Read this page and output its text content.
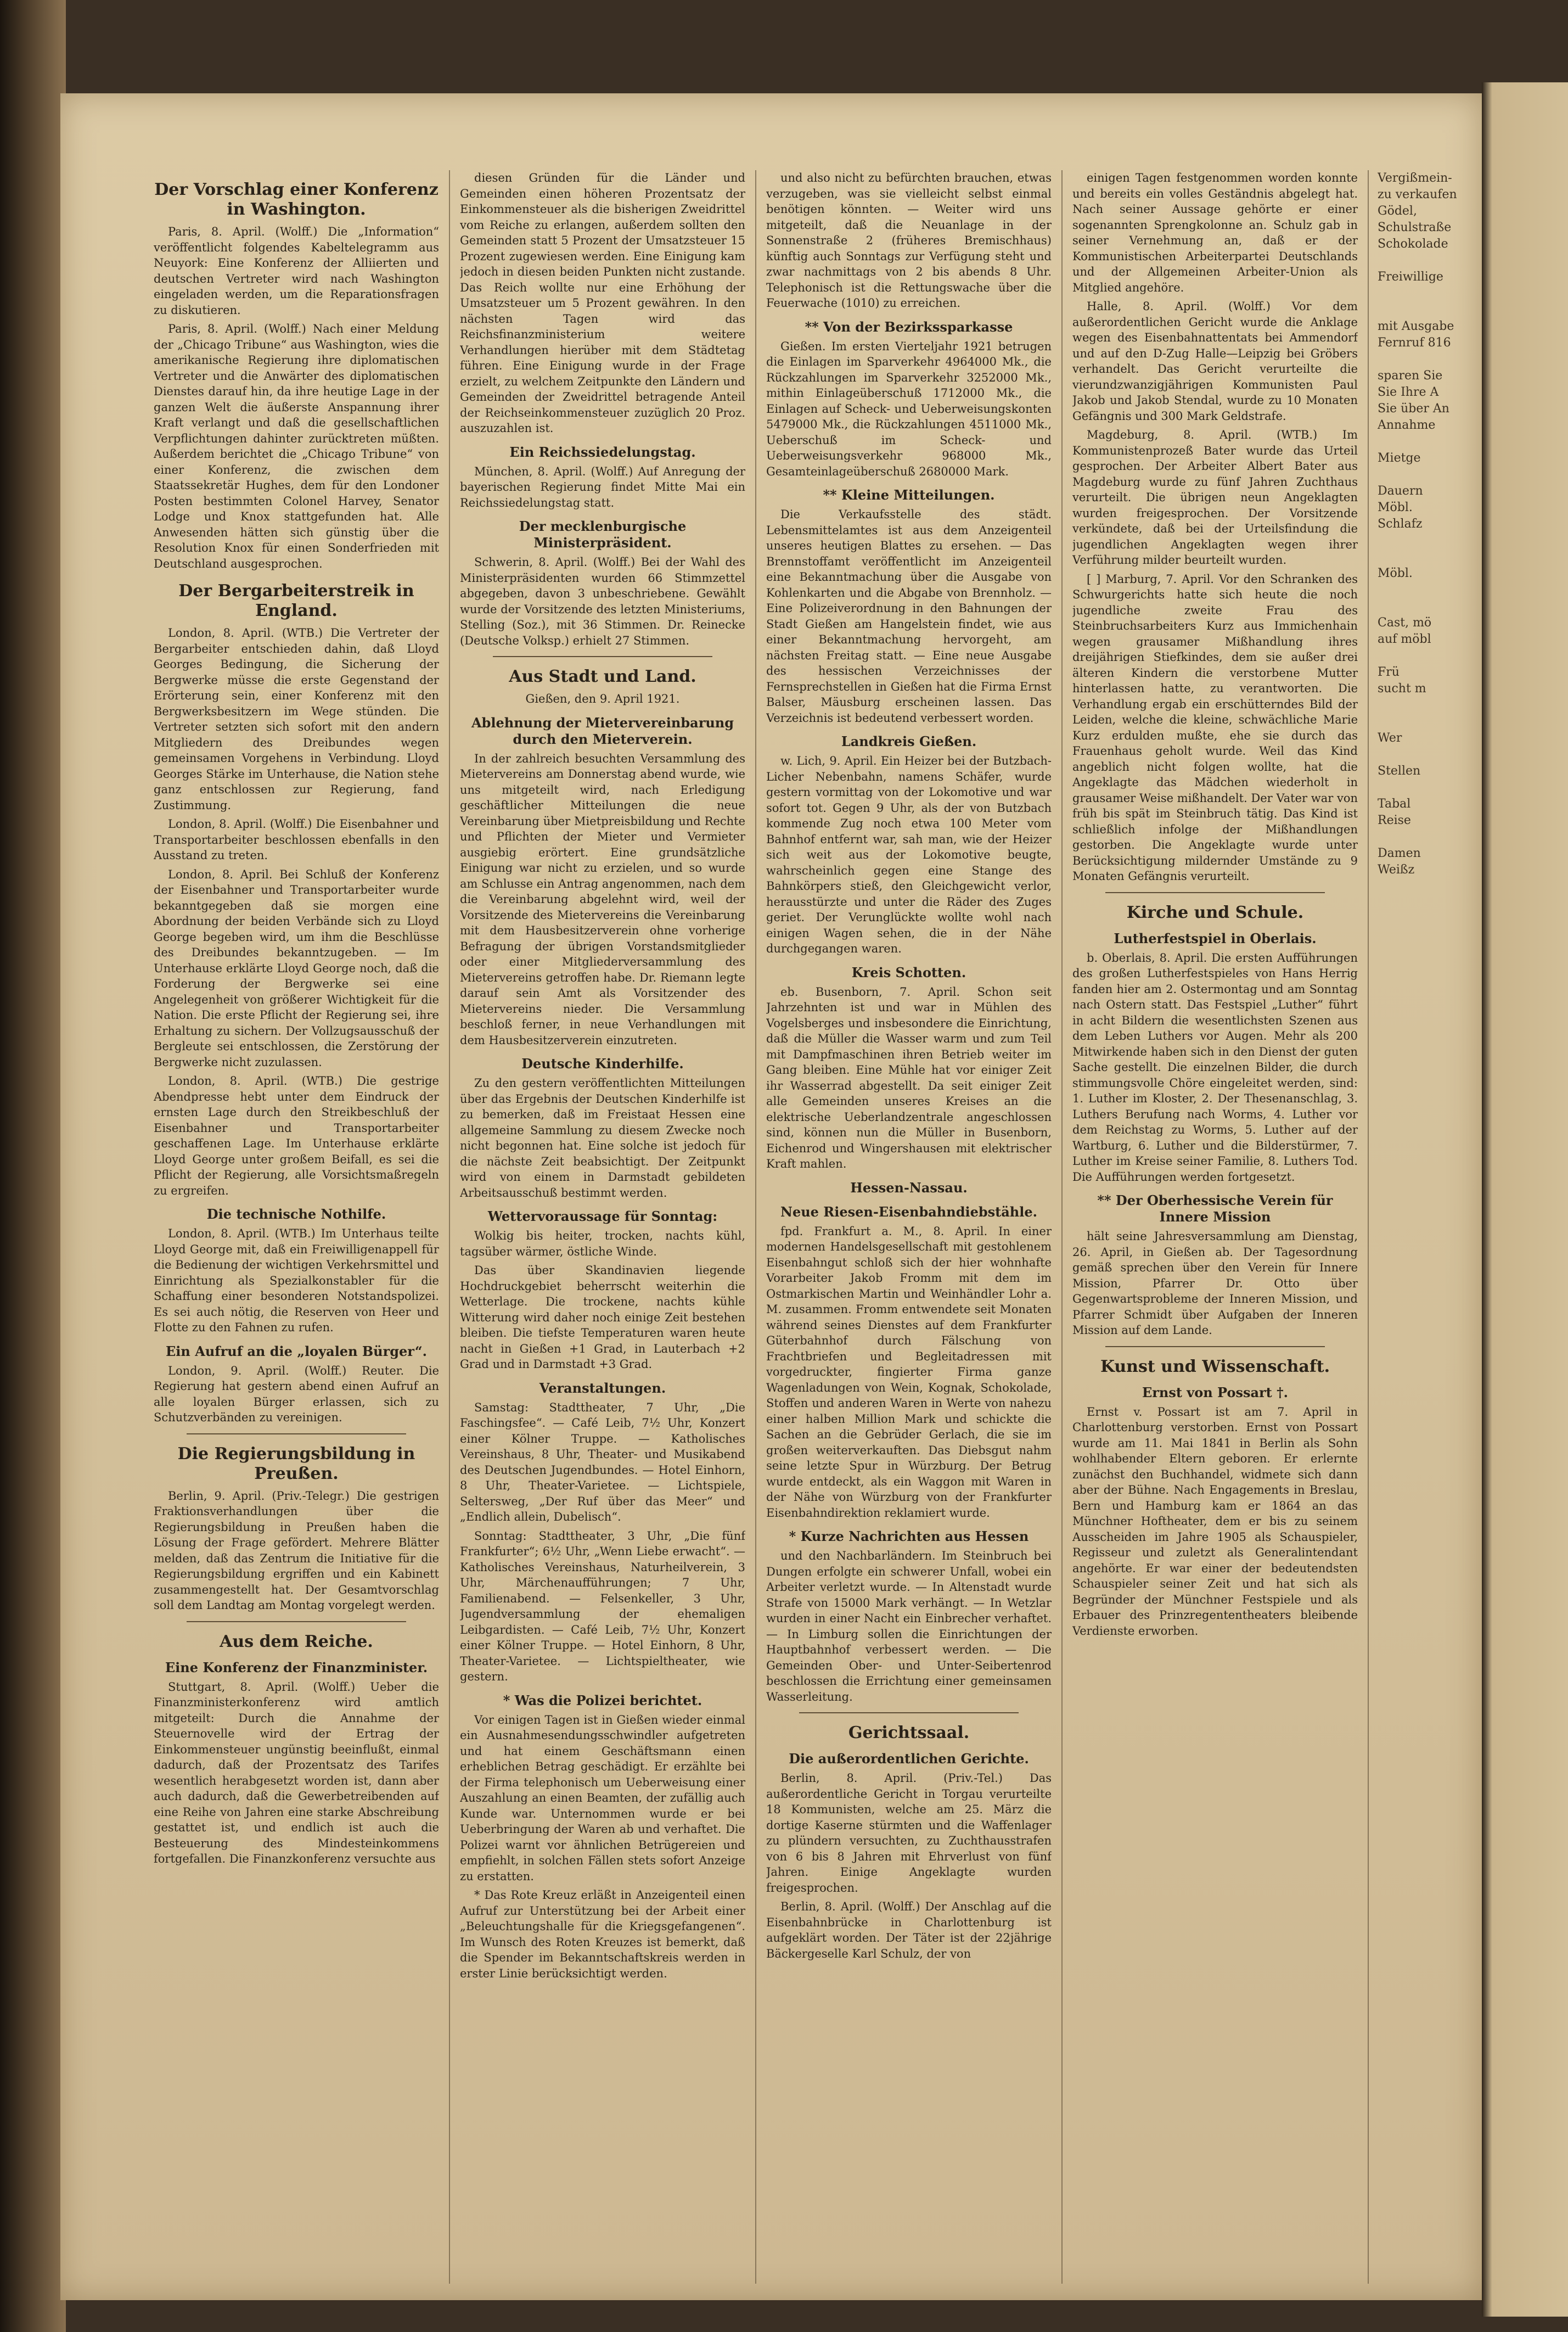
Der Vorschlag einer Konferenz in Washington.

Paris, 8. April. (Wolff.) Die „Information“ veröffentlicht folgendes Kabeltelegramm aus Neuyork: Eine Konferenz der Alliierten und deutschen Vertreter wird nach Washington eingeladen werden, um die Reparationsfragen zu diskutieren.

Paris, 8. April. (Wolff.) Nach einer Meldung der „Chicago Tribune“ aus Washington, wies die amerikanische Regierung ihre diplomatischen Vertreter und die Anwärter des diplomatischen Dienstes darauf hin, da ihre heutige Lage in der ganzen Welt die äußerste Anspannung ihrer Kraft verlangt und daß die gesellschaftlichen Verpflichtungen dahinter zurücktreten müßten. Außerdem berichtet die „Chicago Tribune“ von einer Konferenz, die zwischen dem Staatssekretär Hughes, dem für den Londoner Posten bestimmten Colonel Harvey, Senator Lodge und Knox stattgefunden hat. Alle Anwesenden hätten sich günstig über die Resolution Knox für einen Sonderfrieden mit Deutschland ausgesprochen.

Der Bergarbeiterstreik in England.

London, 8. April. (WTB.) Die Vertreter der Bergarbeiter entschieden dahin, daß Lloyd Georges Bedingung, die Sicherung der Bergwerke müsse die erste Gegenstand der Erörterung sein, einer Konferenz mit den Bergwerksbesitzern im Wege stünden. Die Vertreter setzten sich sofort mit den andern Mitgliedern des Dreibundes wegen gemeinsamen Vorgehens in Verbindung. Lloyd Georges Stärke im Unterhause, die Nation stehe ganz entschlossen zur Regierung, fand Zustimmung.

London, 8. April. (Wolff.) Die Eisenbahner und Transportarbeiter beschlossen ebenfalls in den Ausstand zu treten.

London, 8. April. Bei Schluß der Konferenz der Eisenbahner und Transportarbeiter wurde bekanntgegeben daß sie morgen eine Abordnung der beiden Verbände sich zu Lloyd George begeben wird, um ihm die Beschlüsse des Dreibundes bekanntzugeben. — Im Unterhause erklärte Lloyd George noch, daß die Forderung der Bergwerke sei eine Angelegenheit von größerer Wichtigkeit für die Nation. Die erste Pflicht der Regierung sei, ihre Erhaltung zu sichern. Der Vollzugsausschuß der Bergleute sei entschlossen, die Zerstörung der Bergwerke nicht zuzulassen.

London, 8. April. (WTB.) Die gestrige Abendpresse hebt unter dem Eindruck der ernsten Lage durch den Streikbeschluß der Eisenbahner und Transportarbeiter geschaffenen Lage. Im Unterhause erklärte Lloyd George unter großem Beifall, es sei die Pflicht der Regierung, alle Vorsichtsmaßregeln zu ergreifen.

Die technische Nothilfe.

London, 8. April. (WTB.) Im Unterhaus teilte Lloyd George mit, daß ein Freiwilligenappell für die Bedienung der wichtigen Verkehrsmittel und Einrichtung als Spezialkonstabler für die Schaffung einer besonderen Notstandspolizei. Es sei auch nötig, die Reserven von Heer und Flotte zu den Fahnen zu rufen.

Ein Aufruf an die „loyalen Bürger“.

London, 9. April. (Wolff.) Reuter. Die Regierung hat gestern abend einen Aufruf an alle loyalen Bürger erlassen, sich zu Schutzverbänden zu vereinigen.

Die Regierungsbildung in Preußen.

Berlin, 9. April. (Priv.-Telegr.) Die gestrigen Fraktionsverhandlungen über die Regierungsbildung in Preußen haben die Lösung der Frage gefördert. Mehrere Blätter melden, daß das Zentrum die Initiative für die Regierungsbildung ergriffen und ein Kabinett zusammengestellt hat. Der Gesamtvorschlag soll dem Landtag am Montag vorgelegt werden.

Aus dem Reiche.
Eine Konferenz der Finanzminister.

Stuttgart, 8. April. (Wolff.) Ueber die Finanzministerkonferenz wird amtlich mitgeteilt: Durch die Annahme der Steuernovelle wird der Ertrag der Einkommensteuer ungünstig beeinflußt, einmal dadurch, daß der Prozentsatz des Tarifes wesentlich herabgesetzt worden ist, dann aber auch dadurch, daß die Gewerbetreibenden auf eine Reihe von Jahren eine starke Abschreibung gestattet ist, und endlich ist auch die Besteuerung des Mindesteinkommens fortgefallen. Die Finanzkonferenz versuchte aus

diesen Gründen für die Länder und Gemeinden einen höheren Prozentsatz der Einkommensteuer als die bisherigen Zweidrittel vom Reiche zu erlangen, außerdem sollten den Gemeinden statt 5 Prozent der Umsatzsteuer 15 Prozent zugewiesen werden. Eine Einigung kam jedoch in diesen beiden Punkten nicht zustande. Das Reich wollte nur eine Erhöhung der Umsatzsteuer um 5 Prozent gewähren. In den nächsten Tagen wird das Reichsfinanzministerium weitere Verhandlungen hierüber mit dem Städtetag führen. Eine Einigung wurde in der Frage erzielt, zu welchem Zeitpunkte den Ländern und Gemeinden der Zweidrittel betragende Anteil der Reichseinkommensteuer zuzüglich 20 Proz. auszuzahlen ist.

Ein Reichssiedelungstag.

München, 8. April. (Wolff.) Auf Anregung der bayerischen Regierung findet Mitte Mai ein Reichssiedelungstag statt.

Der mecklenburgische Ministerpräsident.

Schwerin, 8. April. (Wolff.) Bei der Wahl des Ministerpräsidenten wurden 66 Stimmzettel abgegeben, davon 3 unbeschriebene. Gewählt wurde der Vorsitzende des letzten Ministeriums, Stelling (Soz.), mit 36 Stimmen. Dr. Reinecke (Deutsche Volksp.) erhielt 27 Stimmen.

Aus Stadt und Land.

Gießen, den 9. April 1921.

Ablehnung der Mietervereinbarung durch den Mieterverein.

In der zahlreich besuchten Versammlung des Mietervereins am Donnerstag abend wurde, wie uns mitgeteilt wird, nach Erledigung geschäftlicher Mitteilungen die neue Vereinbarung über Mietpreisbildung und Rechte und Pflichten der Mieter und Vermieter ausgiebig erörtert. Eine grundsätzliche Einigung war nicht zu erzielen, und so wurde am Schlusse ein Antrag angenommen, nach dem die Vereinbarung abgelehnt wird, weil der Vorsitzende des Mietervereins die Vereinbarung mit dem Hausbesitzerverein ohne vorherige Befragung der übrigen Vorstandsmitglieder oder einer Mitgliederversammlung des Mietervereins getroffen habe. Dr. Riemann legte darauf sein Amt als Vorsitzender des Mietervereins nieder. Die Versammlung beschloß ferner, in neue Verhandlungen mit dem Hausbesitzerverein einzutreten.

Deutsche Kinderhilfe.

Zu den gestern veröffentlichten Mitteilungen über das Ergebnis der Deutschen Kinderhilfe ist zu bemerken, daß im Freistaat Hessen eine allgemeine Sammlung zu diesem Zwecke noch nicht begonnen hat. Eine solche ist jedoch für die nächste Zeit beabsichtigt. Der Zeitpunkt wird von einem in Darmstadt gebildeten Arbeitsausschuß bestimmt werden.

Wettervoraussage für Sonntag:

Wolkig bis heiter, trocken, nachts kühl, tagsüber wärmer, östliche Winde.

Das über Skandinavien liegende Hochdruckgebiet beherrscht weiterhin die Wetterlage. Die trockene, nachts kühle Witterung wird daher noch einige Zeit bestehen bleiben. Die tiefste Temperaturen waren heute nacht in Gießen +1 Grad, in Lauterbach +2 Grad und in Darmstadt +3 Grad.

Veranstaltungen.

Samstag: Stadttheater, 7 Uhr, „Die Faschingsfee“. — Café Leib, 7½ Uhr, Konzert einer Kölner Truppe. — Katholisches Vereinshaus, 8 Uhr, Theater- und Musikabend des Deutschen Jugendbundes. — Hotel Einhorn, 8 Uhr, Theater-Varietee. — Lichtspiele, Seltersweg, „Der Ruf über das Meer“ und „Endlich allein, Dubelisch“.

Sonntag: Stadttheater, 3 Uhr, „Die fünf Frankfurter“; 6½ Uhr, „Wenn Liebe erwacht“. — Katholisches Vereinshaus, Naturheilverein, 3 Uhr, Märchenaufführungen; 7 Uhr, Familienabend. — Felsenkeller, 3 Uhr, Jugendversammlung der ehemaligen Leibgardisten. — Café Leib, 7½ Uhr, Konzert einer Kölner Truppe. — Hotel Einhorn, 8 Uhr, Theater-Varietee. — Lichtspieltheater, wie gestern.

* Was die Polizei berichtet.

Vor einigen Tagen ist in Gießen wieder einmal ein Ausnahmesendungsschwindler aufgetreten und hat einem Geschäftsmann einen erheblichen Betrag geschädigt. Er erzählte bei der Firma telephonisch um Ueberweisung einer Auszahlung an einen Beamten, der zufällig auch Kunde war. Unternommen wurde er bei Ueberbringung der Waren ab und verhaftet. Die Polizei warnt vor ähnlichen Betrügereien und empfiehlt, in solchen Fällen stets sofort Anzeige zu erstatten.

* Das Rote Kreuz erläßt in Anzeigenteil einen Aufruf zur Unterstützung bei der Arbeit einer „Beleuchtungshalle für die Kriegsgefangenen“. Im Wunsch des Roten Kreuzes ist bemerkt, daß die Spender im Bekanntschaftskreis werden in erster Linie berücksichtigt werden.

und also nicht zu befürchten brauchen, etwas verzugeben, was sie vielleicht selbst einmal benötigen könnten. — Weiter wird uns mitgeteilt, daß die Neuanlage in der Sonnenstraße 2 (früheres Bremischhaus) künftig auch Sonntags zur Verfügung steht und zwar nachmittags von 2 bis abends 8 Uhr. Telephonisch ist die Rettungswache über die Feuerwache (1010) zu erreichen.

** Von der Bezirkssparkasse

Gießen. Im ersten Vierteljahr 1921 betrugen die Einlagen im Sparverkehr 4964000 Mk., die Rückzahlungen im Sparverkehr 3252000 Mk., mithin Einlageüberschuß 1712000 Mk., die Einlagen auf Scheck- und Ueberweisungskonten 5479000 Mk., die Rückzahlungen 4511000 Mk., Ueberschuß im Scheck- und Ueberweisungsverkehr 968000 Mk., Gesamteinlageüberschuß 2680000 Mark.

** Kleine Mitteilungen.

Die Verkaufsstelle des städt. Lebensmittelamtes ist aus dem Anzeigenteil unseres heutigen Blattes zu ersehen. — Das Brennstoffamt veröffentlicht im Anzeigenteil eine Bekanntmachung über die Ausgabe von Kohlenkarten und die Abgabe von Brennholz. — Eine Polizeiverordnung in den Bahnungen der Stadt Gießen am Hangelstein findet, wie aus einer Bekanntmachung hervorgeht, am nächsten Freitag statt. — Eine neue Ausgabe des hessischen Verzeichnisses der Fernsprechstellen in Gießen hat die Firma Ernst Balser, Mäusburg erscheinen lassen. Das Verzeichnis ist bedeutend verbessert worden.

Landkreis Gießen.

w. Lich, 9. April. Ein Heizer bei der Butzbach-Licher Nebenbahn, namens Schäfer, wurde gestern vormittag von der Lokomotive und war sofort tot. Gegen 9 Uhr, als der von Butzbach kommende Zug noch etwa 100 Meter vom Bahnhof entfernt war, sah man, wie der Heizer sich weit aus der Lokomotive beugte, wahrscheinlich gegen eine Stange des Bahnkörpers stieß, den Gleichgewicht verlor, herausstürzte und unter die Räder des Zuges geriet. Der Verunglückte wollte wohl nach einigen Wagen sehen, die in der Nähe durchgegangen waren.

Kreis Schotten.

eb. Busenborn, 7. April. Schon seit Jahrzehnten ist und war in Mühlen des Vogelsberges und insbesondere die Einrichtung, daß die Müller die Wasser warm und zum Teil mit Dampfmaschinen ihren Betrieb weiter im Gang bleiben. Eine Mühle hat vor einiger Zeit ihr Wasserrad abgestellt. Da seit einiger Zeit alle Gemeinden unseres Kreises an die elektrische Ueberlandzentrale angeschlossen sind, können nun die Müller in Busenborn, Eichenrod und Wingershausen mit elektrischer Kraft mahlen.

Hessen-Nassau.
Neue Riesen-Eisenbahndiebstähle.

fpd. Frankfurt a. M., 8. April. In einer modernen Handelsgesellschaft mit gestohlenem Eisenbahngut schloß sich der hier wohnhafte Vorarbeiter Jakob Fromm mit dem im Ostmarkischen Martin und Weinhändler Lohr a. M. zusammen. Fromm entwendete seit Monaten während seines Dienstes auf dem Frankfurter Güterbahnhof durch Fälschung von Frachtbriefen und Begleitadressen mit vorgedruckter, fingierter Firma ganze Wagenladungen von Wein, Kognak, Schokolade, Stoffen und anderen Waren in Werte von nahezu einer halben Million Mark und schickte die Sachen an die Gebrüder Gerlach, die sie im großen weiterverkauften. Das Diebsgut nahm seine letzte Spur in Würzburg. Der Betrug wurde entdeckt, als ein Waggon mit Waren in der Nähe von Würzburg von der Frankfurter Eisenbahndirektion reklamiert wurde.

* Kurze Nachrichten aus Hessen

und den Nachbarländern. Im Steinbruch bei Dungen erfolgte ein schwerer Unfall, wobei ein Arbeiter verletzt wurde. — In Altenstadt wurde Strafe von 15000 Mark verhängt. — In Wetzlar wurden in einer Nacht ein Einbrecher verhaftet. — In Limburg sollen die Einrichtungen der Hauptbahnhof verbessert werden. — Die Gemeinden Ober- und Unter-Seibertenrod beschlossen die Errichtung einer gemeinsamen Wasserleitung.

Gerichtssaal.
Die außerordentlichen Gerichte.

Berlin, 8. April. (Priv.-Tel.) Das außerordentliche Gericht in Torgau verurteilte 18 Kommunisten, welche am 25. März die dortige Kaserne stürmten und die Waffenlager zu plündern versuchten, zu Zuchthausstrafen von 6 bis 8 Jahren mit Ehrverlust von fünf Jahren. Einige Angeklagte wurden freigesprochen.

Berlin, 8. April. (Wolff.) Der Anschlag auf die Eisenbahnbrücke in Charlottenburg ist aufgeklärt worden. Der Täter ist der 22jährige Bäckergeselle Karl Schulz, der von

einigen Tagen festgenommen worden konnte und bereits ein volles Geständnis abgelegt hat. Nach seiner Aussage gehörte er einer sogenannten Sprengkolonne an. Schulz gab in seiner Vernehmung an, daß er der Kommunistischen Arbeiterpartei Deutschlands und der Allgemeinen Arbeiter-Union als Mitglied angehöre.

Halle, 8. April. (Wolff.) Vor dem außerordentlichen Gericht wurde die Anklage wegen des Eisenbahnattentats bei Ammendorf und auf den D-Zug Halle—Leipzig bei Gröbers verhandelt. Das Gericht verurteilte die vierundzwanzigjährigen Kommunisten Paul Jakob und Jakob Stendal, wurde zu 10 Monaten Gefängnis und 300 Mark Geldstrafe.

Magdeburg, 8. April. (WTB.) Im Kommunistenprozeß Bater wurde das Urteil gesprochen. Der Arbeiter Albert Bater aus Magdeburg wurde zu fünf Jahren Zuchthaus verurteilt. Die übrigen neun Angeklagten wurden freigesprochen. Der Vorsitzende verkündete, daß bei der Urteilsfindung die jugendlichen Angeklagten wegen ihrer Verführung milder beurteilt wurden.

[ ] Marburg, 7. April. Vor den Schranken des Schwurgerichts hatte sich heute die noch jugendliche zweite Frau des Steinbruchsarbeiters Kurz aus Immichenhain wegen grausamer Mißhandlung ihres dreijährigen Stiefkindes, dem sie außer drei älteren Kindern die verstorbene Mutter hinterlassen hatte, zu verantworten. Die Verhandlung ergab ein erschütterndes Bild der Leiden, welche die kleine, schwächliche Marie Kurz erdulden mußte, ehe sie durch das Frauenhaus geholt wurde. Weil das Kind angeblich nicht folgen wollte, hat die Angeklagte das Mädchen wiederholt in grausamer Weise mißhandelt. Der Vater war von früh bis spät im Steinbruch tätig. Das Kind ist schließlich infolge der Mißhandlungen gestorben. Die Angeklagte wurde unter Berücksichtigung mildernder Umstände zu 9 Monaten Gefängnis verurteilt.

Kirche und Schule.
Lutherfestspiel in Oberlais.

b. Oberlais, 8. April. Die ersten Aufführungen des großen Lutherfestspieles von Hans Herrig fanden hier am 2. Ostermontag und am Sonntag nach Ostern statt. Das Festspiel „Luther“ führt in acht Bildern die wesentlichsten Szenen aus dem Leben Luthers vor Augen. Mehr als 200 Mitwirkende haben sich in den Dienst der guten Sache gestellt. Die einzelnen Bilder, die durch stimmungsvolle Chöre eingeleitet werden, sind: 1. Luther im Kloster, 2. Der Thesenanschlag, 3. Luthers Berufung nach Worms, 4. Luther vor dem Reichstag zu Worms, 5. Luther auf der Wartburg, 6. Luther und die Bilderstürmer, 7. Luther im Kreise seiner Familie, 8. Luthers Tod. Die Aufführungen werden fortgesetzt.

** Der Oberhessische Verein für Innere Mission

hält seine Jahresversammlung am Dienstag, 26. April, in Gießen ab. Der Tagesordnung gemäß sprechen über den Verein für Innere Mission, Pfarrer Dr. Otto über Gegenwartsprobleme der Inneren Mission, und Pfarrer Schmidt über Aufgaben der Inneren Mission auf dem Lande.

Kunst und Wissenschaft.
Ernst von Possart †.

Ernst v. Possart ist am 7. April in Charlottenburg verstorben. Ernst von Possart wurde am 11. Mai 1841 in Berlin als Sohn wohlhabender Eltern geboren. Er erlernte zunächst den Buchhandel, widmete sich dann aber der Bühne. Nach Engagements in Breslau, Bern und Hamburg kam er 1864 an das Münchner Hoftheater, dem er bis zu seinem Ausscheiden im Jahre 1905 als Schauspieler, Regisseur und zuletzt als Generalintendant angehörte. Er war einer der bedeutendsten Schauspieler seiner Zeit und hat sich als Begründer der Münchner Festspiele und als Erbauer des Prinzregententheaters bleibende Verdienste erworben.

Vergißmein-
zu verkaufen
Gödel,
Schulstraße
Schokolade

Freiwillige

mit Ausgabe
Fernruf 816

sparen Sie
Sie Ihre A
Sie über An
Annahme

Mietge

Dauern
Möbl.
Schlafz

Möbl.

Cast, mö
auf möbl

Frü
sucht m

Wer

Stellen

Tabal
Reise

Damen
Weißz
